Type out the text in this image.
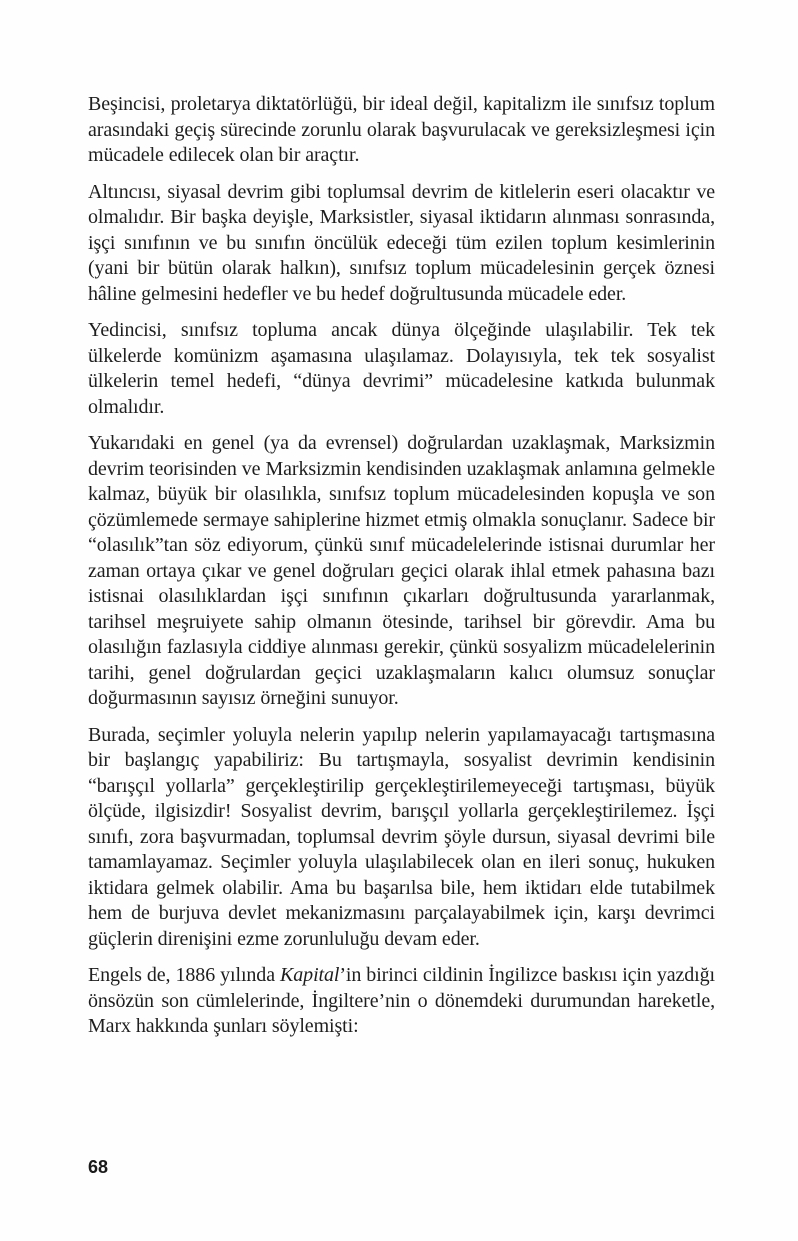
Beşincisi, proletarya diktatörlüğü, bir ideal değil, kapitalizm ile sınıfsız toplum arasındaki geçiş sürecinde zorunlu olarak başvurulacak ve gereksizleşmesi için mücadele edilecek olan bir araçtır.

Altıncısı, siyasal devrim gibi toplumsal devrim de kitlelerin eseri olacaktır ve olmalıdır. Bir başka deyişle, Marksistler, siyasal iktidarın alınması sonrasında, işçi sınıfının ve bu sınıfın öncülük edeceği tüm ezilen toplum kesimlerinin (yani bir bütün olarak halkın), sınıfsız toplum mücadelesinin gerçek öznesi hâline gelmesini hedefler ve bu hedef doğrultusunda mücadele eder.

Yedincisi, sınıfsız topluma ancak dünya ölçeğinde ulaşılabilir. Tek tek ülkelerde komünizm aşamasına ulaşılamaz. Dolayısıyla, tek tek sosyalist ülkelerin temel hedefi, “dünya devrimi” mücadelesine katkıda bulunmak olmalıdır.

Yukarıdaki en genel (ya da evrensel) doğrulardan uzaklaşmak, Marksizmin devrim teorisinden ve Marksizmin kendisinden uzaklaşmak anlamına gelmekle kalmaz, büyük bir olasılıkla, sınıfsız toplum mücadelesinden kopuşla ve son çözümlemede sermaye sahiplerine hizmet etmiş olmakla sonuçlanır. Sadece bir “olasılık”tan söz ediyorum, çünkü sınıf mücadelelerinde istisnai durumlar her zaman ortaya çıkar ve genel doğruları geçici olarak ihlal etmek pahasına bazı istisnai olasılıklardan işçi sınıfının çıkarları doğrultusunda yararlanmak, tarihsel meşruiyete sahip olmanın ötesinde, tarihsel bir görevdir. Ama bu olasılığın fazlasıyla ciddiye alınması gerekir, çünkü sosyalizm mücadelelerinin tarihi, genel doğrulardan geçici uzaklaşmaların kalıcı olumsuz sonuçlar doğurmasının sayısız örneğini sunuyor.

Burada, seçimler yoluyla nelerin yapılıp nelerin yapılamayacağı tartışmasına bir başlangıç yapabiliriz: Bu tartışmayla, sosyalist devrimin kendisinin “barışçıl yollarla” gerçekleştirilip gerçekleştirilemeyeceği tartışması, büyük ölçüde, ilgisizdir! Sosyalist devrim, barışçıl yollarla gerçekleştirilemez. İşçi sınıfı, zora başvurmadan, toplumsal devrim şöyle dursun, siyasal devrimi bile tamamlayamaz. Seçimler yoluyla ulaşılabilecek olan en ileri sonuç, hukuken iktidara gelmek olabilir. Ama bu başarılsa bile, hem iktidarı elde tutabilmek hem de burjuva devlet mekanizmasını parçalayabilmek için, karşı devrimci güçlerin direnişini ezme zorunluluğu devam eder.

Engels de, 1886 yılında Kapital’in birinci cildinin İngilizce baskısı için yazdığı önsözün son cümlelerinde, İngiltere’nin o dönemdeki durumundan hareketle, Marx hakkında şunları söylemişti:

68
